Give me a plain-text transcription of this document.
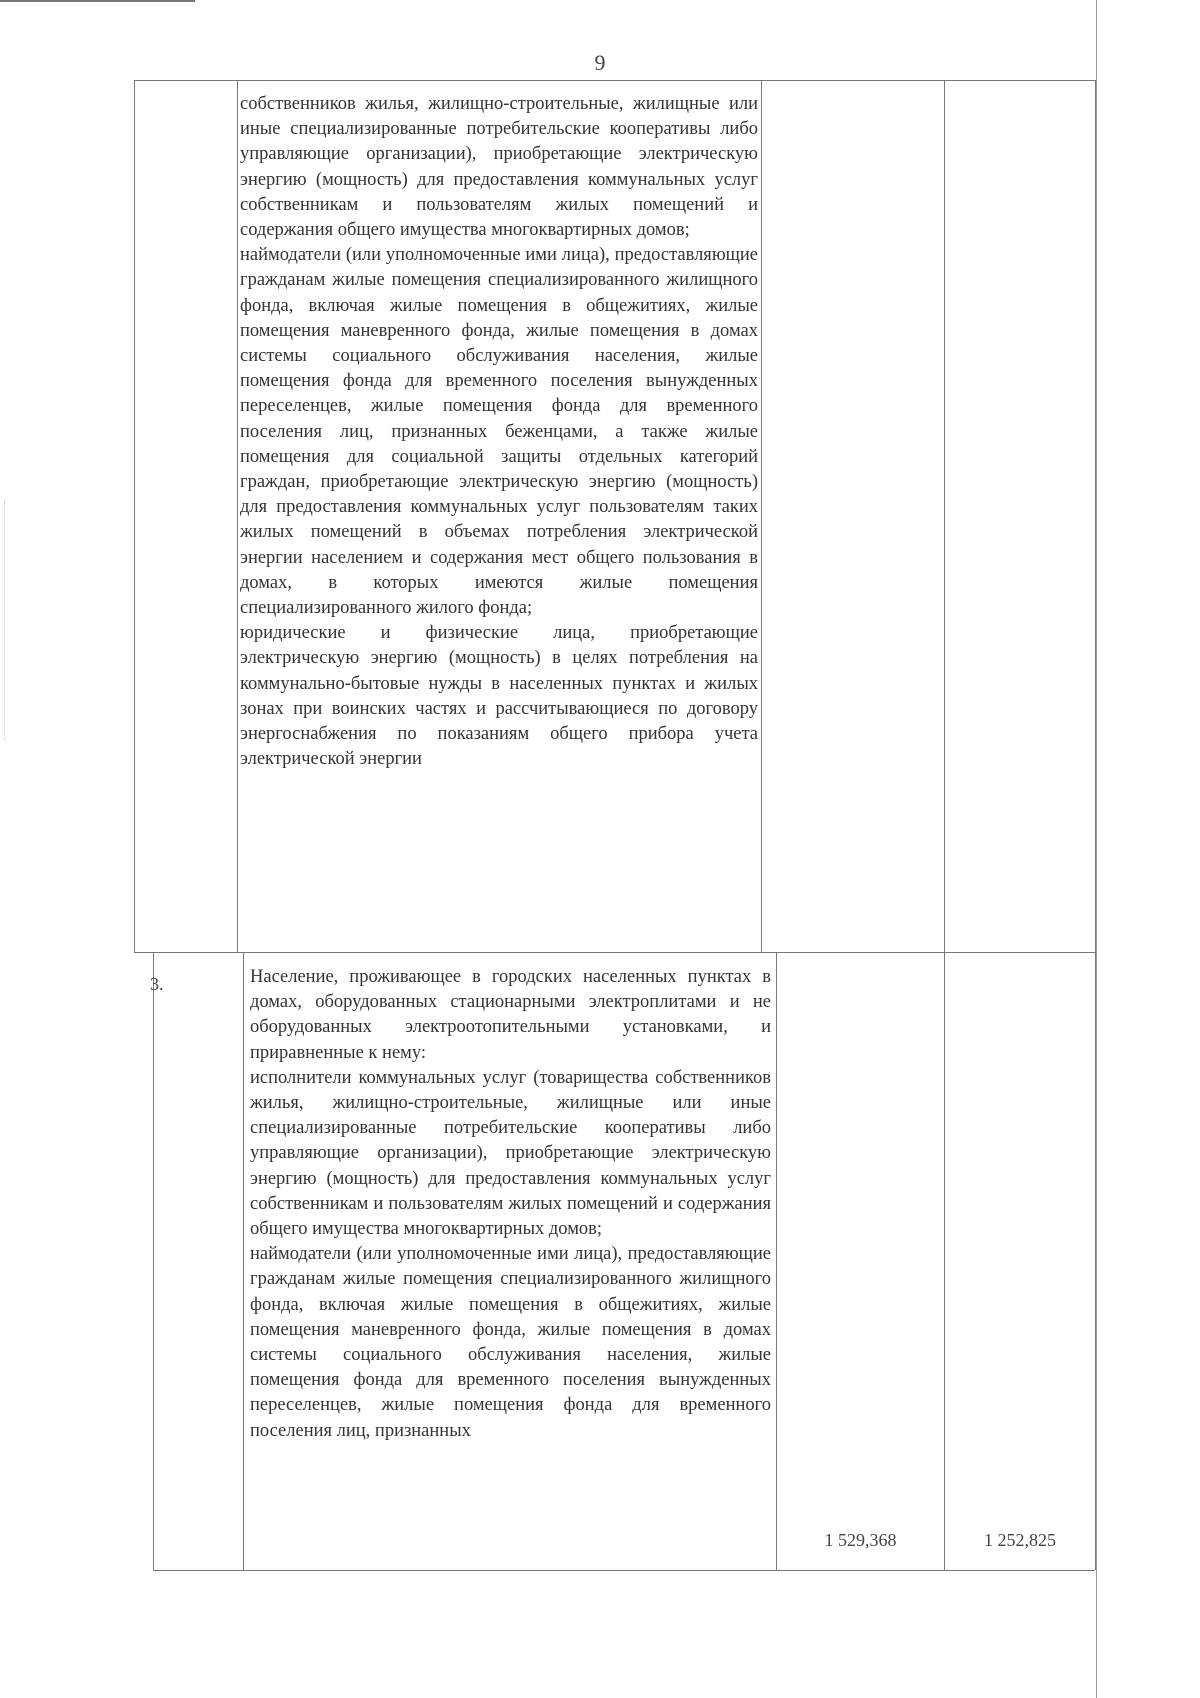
9

собственников жилья, жилищно-строительные, жилищные или иные специализированные потребительские кооперативы либо управляющие организации), приобретающие электрическую энергию (мощность) для предоставления коммунальных услуг собственникам и пользователям жилых помещений и содержания общего имущества многоквартирных домов;

наймодатели (или уполномоченные ими лица), предоставляющие гражданам жилые помещения специализированного жилищного фонда, включая жилые помещения в общежитиях, жилые помещения маневренного фонда, жилые помещения в домах системы социального обслуживания населения, жилые помещения фонда для временного поселения вынужденных переселенцев, жилые помещения фонда для временного поселения лиц, признанных беженцами, а также жилые помещения для социальной защиты отдельных категорий граждан, приобретающие электрическую энергию (мощность) для предоставления коммунальных услуг пользователям таких жилых помещений в объемах потребления электрической энергии населением и содержания мест общего пользования в домах, в которых имеются жилые помещения специализированного жилого фонда;

юридические и физические лица, приобретающие электрическую энергию (мощность) в целях потребления на коммунально-бытовые нужды в населенных пунктах и жилых зонах при воинских частях и рассчитывающиеся по договору энергоснабжения по показаниям общего прибора учета электрической энергии

3.	Население, проживающее в городских населенных пунктах в домах, оборудованных стационарными электроплитами и не оборудованных электроотопительными установками, и приравненные к нему:

исполнители коммунальных услуг (товарищества собственников жилья, жилищно-строительные, жилищные или иные специализированные потребительские кооперативы либо управляющие организации), приобретающие электрическую энергию (мощность) для предоставления коммунальных услуг собственникам и пользователям жилых помещений и содержания общего имущества многоквартирных домов;

наймодатели (или уполномоченные ими лица), предоставляющие гражданам жилые помещения специализированного жилищного фонда, включая жилые помещения в общежитиях, жилые помещения маневренного фонда, жилые помещения в домах системы социального обслуживания населения, жилые помещения фонда для временного поселения вынужденных переселенцев, жилые помещения фонда для временного поселения лиц, признанных

1 529,368	1 252,825
